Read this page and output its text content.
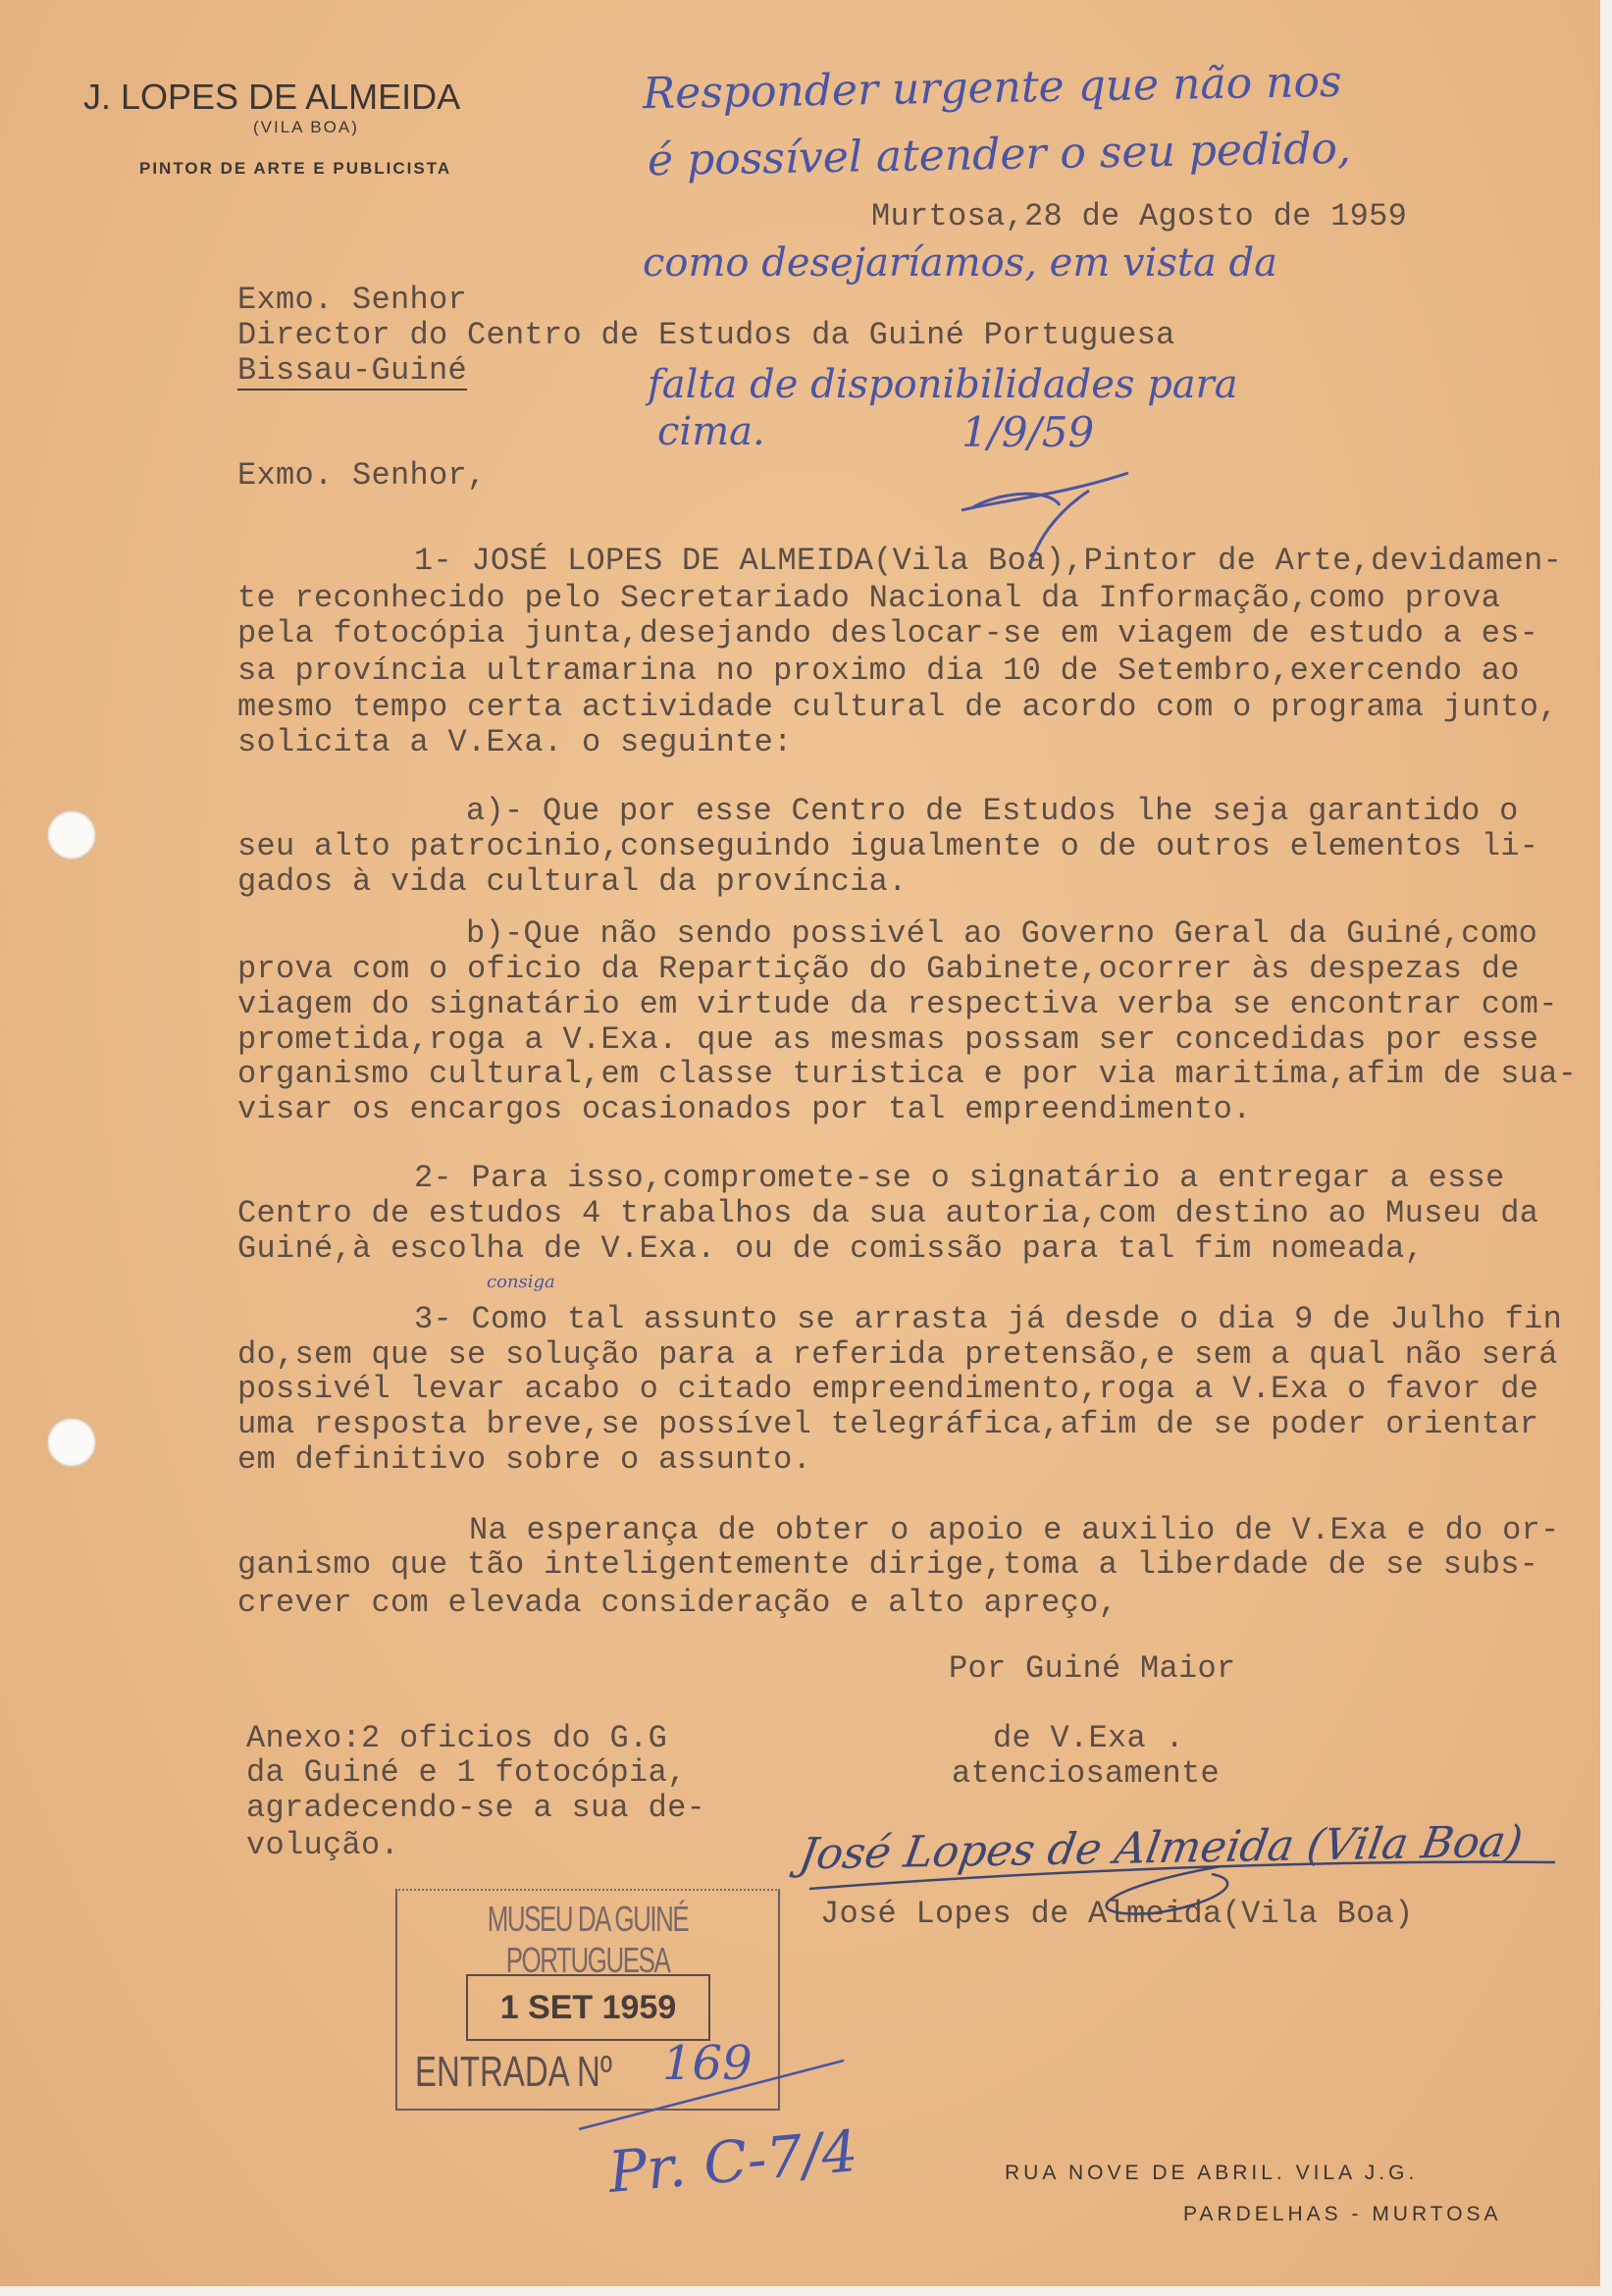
J. LOPES DE ALMEIDA
(VILA BOA)
PINTOR DE ARTE E PUBLICISTA
Murtosa,28 de Agosto de 1959
Exmo. Senhor
Director do Centro de Estudos da Guiné Portuguesa
Bissau-Guiné
Exmo. Senhor,
1- JOSÉ LOPES DE ALMEIDA(Vila Boa),Pintor de Arte,devidamen-
te reconhecido pelo Secretariado Nacional da Informação,como prova
pela fotocópia junta,desejando deslocar-se em viagem de estudo a es-
sa província ultramarina no proximo dia 10 de Setembro,exercendo ao
mesmo tempo certa actividade cultural de acordo com o programa junto,
solicita a V.Exa. o seguinte:
a)- Que por esse Centro de Estudos lhe seja garantido o
seu alto patrocinio,conseguindo igualmente o de outros elementos li-
gados à vida cultural da província.
b)-Que não sendo possivél ao Governo Geral da Guiné,como
prova com o oficio da Repartição do Gabinete,ocorrer às despezas de
viagem do signatário em virtude da respectiva verba se encontrar com-
prometida,roga a V.Exa. que as mesmas possam ser concedidas por esse
organismo cultural,em classe turistica e por via maritima,afim de sua-
visar os encargos ocasionados por tal empreendimento.
2- Para isso,compromete-se o signatário a entregar a esse
Centro de estudos 4 trabalhos da sua autoria,com destino ao Museu da
Guiné,à escolha de V.Exa. ou de comissão para tal fim nomeada,
3- Como tal assunto se arrasta já desde o dia 9 de Julho fin
do,sem que se solução para a referida pretensão,e sem a qual não será
possivél levar acabo o citado empreendimento,roga a V.Exa o favor de
uma resposta breve,se possível telegráfica,afim de se poder orientar
em definitivo sobre o assunto.
Na esperança de obter o apoio e auxilio de V.Exa e do or-
ganismo que tão inteligentemente dirige,toma a liberdade de se subs-
crever com elevada consideração e alto apreço,
Por Guiné Maior
Anexo:2 oficios do G.G
da Guiné e 1 fotocópia,
agradecendo-se a sua de-
volução.
de V.Exa .
atenciosamente
José Lopes de Almeida(Vila Boa)
consiga
Responder urgente que não nos
é possível atender o seu pedido,
como desejaríamos, em vista da
falta de disponibilidades para
cima.	1/9/59
José Lopes de Almeida (Vila Boa)
MUSEU DA GUINÉ PORTUGUESA
1 SET 1959
ENTRADA Nº 169
Pr. C-7/4	RUA NOVE DE ABRIL. VILA J.G.
PARDELHAS - MURTOSA
